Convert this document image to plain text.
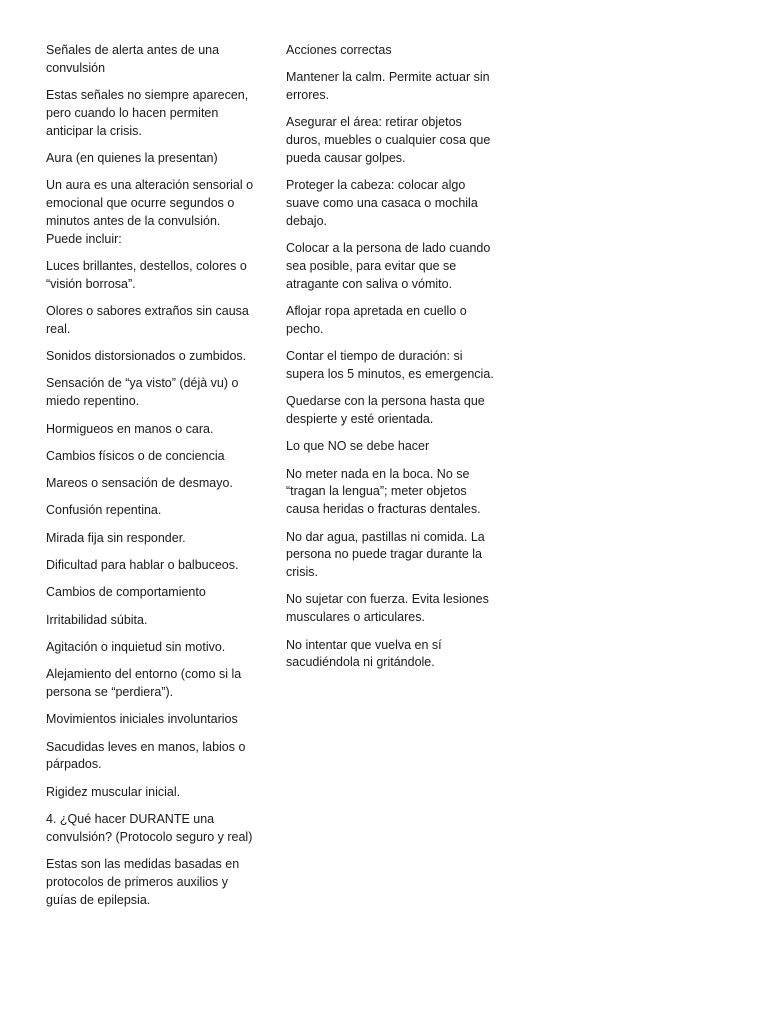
Señales de alerta antes de una convulsión

Estas señales no siempre aparecen, pero cuando lo hacen permiten anticipar la crisis.

Aura (en quienes la presentan)

Un aura es una alteración sensorial o emocional que ocurre segundos o minutos antes de la convulsión. Puede incluir:

Luces brillantes, destellos, colores o “visión borrosa”.

Olores o sabores extraños sin causa real.

Sonidos distorsionados o zumbidos.

Sensación de “ya visto” (déjà vu) o miedo repentino.

Hormigueos en manos o cara.

Cambios físicos o de conciencia

Mareos o sensación de desmayo.

Confusión repentina.

Mirada fija sin responder.

Dificultad para hablar o balbuceos.

Cambios de comportamiento

Irritabilidad súbita.

Agitación o inquietud sin motivo.

Alejamiento del entorno (como si la persona se “perdiera”).

Movimientos iniciales involuntarios

Sacudidas leves en manos, labios o párpados.

Rigidez muscular inicial.

4. ¿Qué hacer DURANTE una convulsión? (Protocolo seguro y real)

Estas son las medidas basadas en protocolos de primeros auxilios y guías de epilepsia.

Acciones correctas

Mantener la calm. Permite actuar sin errores.

Asegurar el área: retirar objetos duros, muebles o cualquier cosa que pueda causar golpes.

Proteger la cabeza: colocar algo suave como una casaca o mochila debajo.

Colocar a la persona de lado cuando sea posible, para evitar que se atragante con saliva o vómito.

Aflojar ropa apretada en cuello o pecho.

Contar el tiempo de duración: si supera los 5 minutos, es emergencia.

Quedarse con la persona hasta que despierte y esté orientada.

Lo que NO se debe hacer

No meter nada en la boca. No se “tragan la lengua”; meter objetos causa heridas o fracturas dentales.

No dar agua, pastillas ni comida. La persona no puede tragar durante la crisis.

No sujetar con fuerza. Evita lesiones musculares o articulares.

No intentar que vuelva en sí sacudiéndola ni gritándole.
